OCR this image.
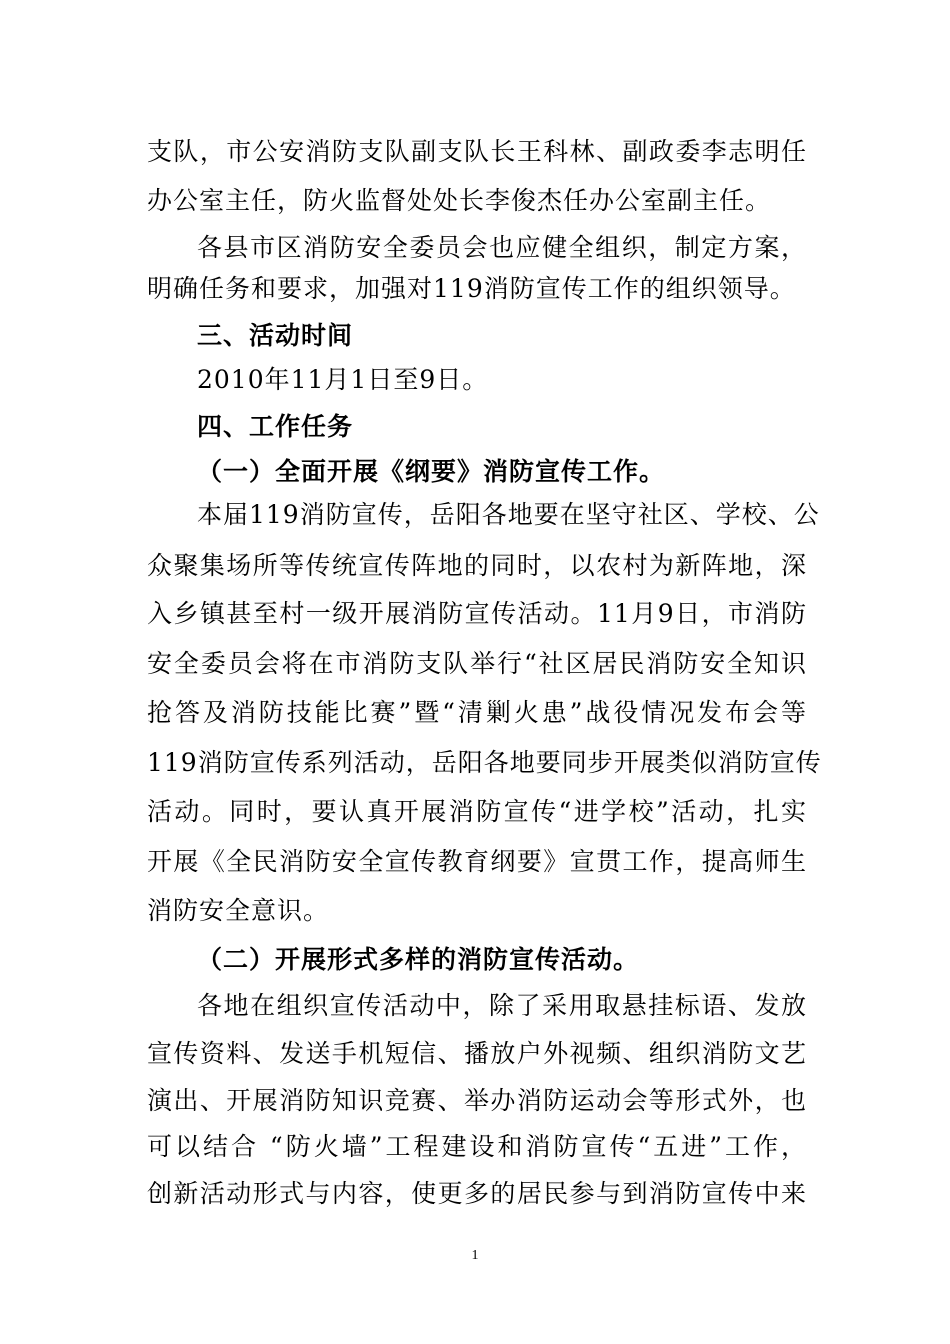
支队，市公安消防支队副支队长王科林、副政委李志明任
办公室主任，防火监督处处长李俊杰任办公室副主任。
各县市区消防安全委员会也应健全组织，制定方案，
明确任务和要求，加强对119消防宣传工作的组织领导。
三、活动时间
2010年11月1日至9日。
四、工作任务
（一）全面开展《纲要》消防宣传工作。
本届119消防宣传，岳阳各地要在坚守社区、学校、公
众聚集场所等传统宣传阵地的同时，以农村为新阵地，深
入乡镇甚至村一级开展消防宣传活动。11月9日，市消防
安全委员会将在市消防支队举行“社区居民消防安全知识
抢答及消防技能比赛”暨“清剿火患”战役情况发布会等
119消防宣传系列活动，岳阳各地要同步开展类似消防宣传
活动。同时，要认真开展消防宣传“进学校”活动，扎实
开展《全民消防安全宣传教育纲要》宣贯工作，提高师生
消防安全意识。
（二）开展形式多样的消防宣传活动。
各地在组织宣传活动中，除了采用取悬挂标语、发放
宣传资料、发送手机短信、播放户外视频、组织消防文艺
演出、开展消防知识竞赛、举办消防运动会等形式外，也
可以结合 “防火墙”工程建设和消防宣传“五进”工作，
创新活动形式与内容，使更多的居民参与到消防宣传中来
1
